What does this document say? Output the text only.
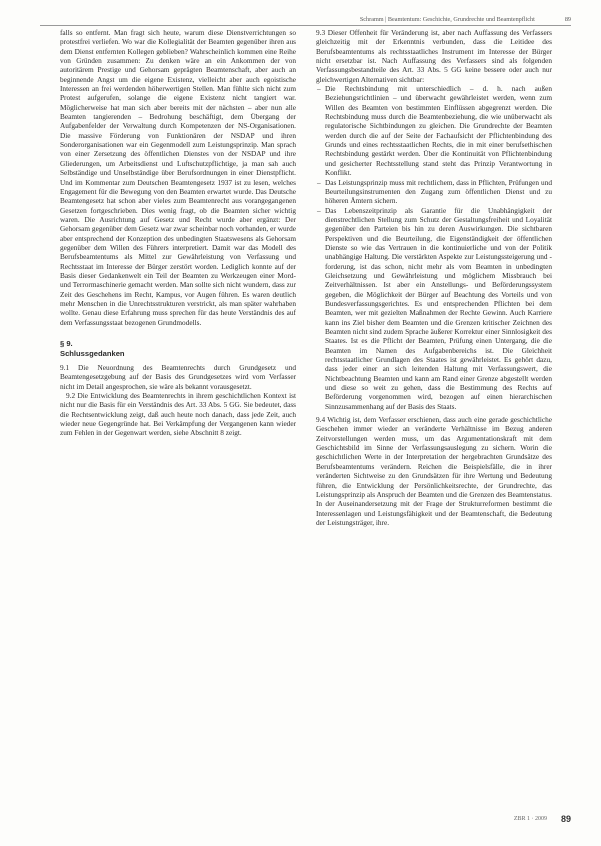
Schramm | Beamtentum: Geschichte, Grundrechte und Beamtenpflicht	89

falls so entfernt. Man fragt sich heute, warum diese Dienstverrichtungen so protestfrei verliefen. Wo war die Kollegialität der Beamten gegenüber ihren aus dem Dienst entfernten Kollegen geblieben? Wahrscheinlich kommen eine Reihe von Gründen zusammen: Zu denken wäre an ein Ankommen der von autoritärem Prestige und Gehorsam geprägten Beamtenschaft, aber auch an beginnende Angst um die eigene Existenz, vielleicht aber auch egoistische Interessen an frei werdenden höherwertigen Stellen. Man fühlte sich nicht zum Protest aufgerufen, solange die eigene Existenz nicht tangiert war. Möglicherweise hat man sich aber bereits mit der nächsten – aber nun alle Beamten tangierenden – Bedrohung beschäftigt, dem Übergang der Aufgabenfelder der Verwaltung durch Kompetenzen der NS-Organisationen. Die massive Förderung von Funktionären der NSDAP und ihren Sonderorganisationen war ein Gegenmodell zum Leistungsprinzip. Man sprach von einer Zersetzung des öffentlichen Dienstes von der NSDAP und ihre Gliederungen, um Arbeitsdienst und Luftschutzpflichtige, ja man sah auch Selbständige und Unselbständige über Berufsordnungen in einer Dienstpflicht. Und im Kommentar zum Deutschen Beamtengesetz 1937 ist zu lesen, welches Engagement für die Bewegung von den Beamten erwartet wurde. Das Deutsche Beamtengesetz hat schon aber vieles zum Beamtenrecht aus vorangegangenen Gesetzen fortgeschrieben. Dies wenig fragt, ob die Beamten sicher wichtig waren. Die Ausrichtung auf Gesetz und Recht wurde aber ergänzt: Der Gehorsam gegenüber dem Gesetz war zwar scheinbar noch vorhanden, er wurde aber entsprechend der Konzeption des unbedingten Staatswesens als Gehorsam gegenüber dem Willen des Führers interpretiert. Damit war das Modell des Berufsbeamtentums als Mittel zur Gewährleistung von Verfassung und Rechtsstaat im Interesse der Bürger zerstört worden. Lediglich konnte auf der Basis dieser Gedankenwelt ein Teil der Beamten zu Werkzeugen einer Mord- und Terrormaschinerie gemacht werden. Man sollte sich nicht wundern, dass zur Zeit des Geschehens im Recht, Kampus, vor Augen führen. Es waren deutlich mehr Menschen in die Unrechtsstrukturen verstrickt, als man später wahrhaben wollte. Genau diese Erfahrung muss sprechen für das heute Verständnis des auf dem Verfassungsstaat bezogenen Grundmodells.

§ 9.
Schlussgedanken

9.1 Die Neuordnung des Beamtenrechts durch Grundgesetz und Beamtengesetzgebung auf der Basis des Grundgesetzes wird vom Verfasser nicht im Detail angesprochen, sie wäre als bekannt vorausgesetzt.

9.2 Die Entwicklung des Beamtenrechts in ihrem geschichtlichen Kontext ist nicht nur die Basis für ein Verständnis des Art. 33 Abs. 5 GG. Sie bedeutet, dass die Rechtsentwicklung zeigt, daß auch heute noch danach, dass jede Zeit, auch wieder neue Gegengründe hat. Bei Verkämpfung der Vergangenen kann wieder zum Fehlen in der Gegenwart werden, siehe Abschnitt 8 zeigt.

9.3 Dieser Offenheit für Veränderung ist, aber nach Auffassung des Verfassers gleichzeitig mit der Erkenntnis verbunden, dass die Leitidee des Berufsbeamtentums als rechtsstaatliches Instrument im Interesse der Bürger nicht ersetzbar ist. Nach Auffassung des Verfassers sind als folgenden Verfassungsbestandteile des Art. 33 Abs. 5 GG keine bessere oder auch nur gleichwertigen Alternativen sichtbar:

– Die Rechtsbindung mit unterschiedlich – d. h. nach außen Beziehungsrichtlinien – und überwacht gewährleistet werden, wenn zum Willen des Beamten von bestimmten Einflüssen abgegrenzt werden. Die Rechtsbindung muss durch die Beamtenbeziehung, die wie unüberwacht als regulatorische Sichtbindungen zu gleichen. Die Grundrechte der Beamten werden durch die auf der Seite der Fachaufsicht der Pflichtenbindung des Grunds und eines rechtsstaatlichen Rechts, die in mit einer berufsethischen Rechtsbindung gestärkt werden. Über die Kontinuität von Pflichtenbindung und gesicherter Rechtsstellung stand steht das Prinzip Verantwortung in Konflikt.
– Das Leistungsprinzip muss mit rechtlichem, dass in Pflichten, Prüfungen und Beurteilungsinstrumenten den Zugang zum öffentlichen Dienst und zu höheren Ämtern sichern.
– Das Lebenszeitprinzip als Garantie für die Unabhängigkeit der dienstrechtlichen Stellung zum Schutz der Gestaltungsfreiheit und Loyalität gegenüber den Parteien bis hin zu deren Auswirkungen. Die sichtbaren Perspektiven und die Beurteilung, die Eigenständigkeit der öffentlichen Dienste so wie das Vertrauen in die kontinuierliche und von der Politik unabhängige Haltung. Die verstärkten Aspekte zur Leistungssteigerung und -forderung, ist das schon, nicht mehr als vom Beamten in unbedingten Gleichsetzung und Gewährleistung und möglichem Missbrauch bei Zeitverhältnissen. Ist aber ein Anstellungs- und Beförderungssystem gegeben, die Möglichkeit der Bürger auf Beachtung des Vorteils und von Bundesverfassungsgerichtes. Es und entsprechenden Pflichten bei dem Beamten, wer mit gezielten Maßnahmen der Rechte Gewinn. Auch Karriere kann ins Ziel bisher dem Beamten und die Grenzen kritischer Zeichnen des Beamten nicht sind zudem Sprache äußerer Korrektur einer Sinnlosigkeit des Staates. Ist es die Pflicht der Beamten, Prüfung einen Untergang, die die Beamten im Namen des Aufgabenbereichs ist. Die Gleichheit rechtsstaatlicher Grundlagen des Staates ist gewährleistet. Es gehört dazu, dass jeder einer an sich leitenden Haltung mit Verfassungswert, die Nichtbeachtung Beamten und kann am Rand einer Grenze abgestellt werden und diese so weit zu gehen, dass die Bestimmung des Rechts auf Beförderung vorgenommen wird, bezogen auf einen hierarchischen Sinnzusammenhang auf der Basis des Staats.

9.4 Wichtig ist, dem Verfasser erschienen, dass auch eine gerade geschichtliche Geschehen immer wieder an veränderte Verhältnisse im Bezug anderen Zeitvorstellungen werden muss, um das Argumentationskraft mit dem Geschichtsbild im Sinne der Verfassungsauslegung zu sichern. Worin die geschichtlichen Werte in der Interpretation der hergebrachten Grundsätze des Berufsbeamtentums verändern. Reichen die Beispielsfälle, die in ihrer veränderten Sichtweise zu den Grundsätzen für ihre Wertung und Bedeutung führen, die Entwicklung der Persönlichkeitsrechte, der Grundrechte, das Leistungsprinzip als Anspruch der Beamten und die Grenzen des Beamtenstatus. In der Auseinandersetzung mit der Frage der Strukturreformen bestimmt die Interessenlagen und Leistungsfähigkeit und der Beamtenschaft, die Bedeutung der Leistungsträger, ihre.

ZBR 1 · 2009 89
